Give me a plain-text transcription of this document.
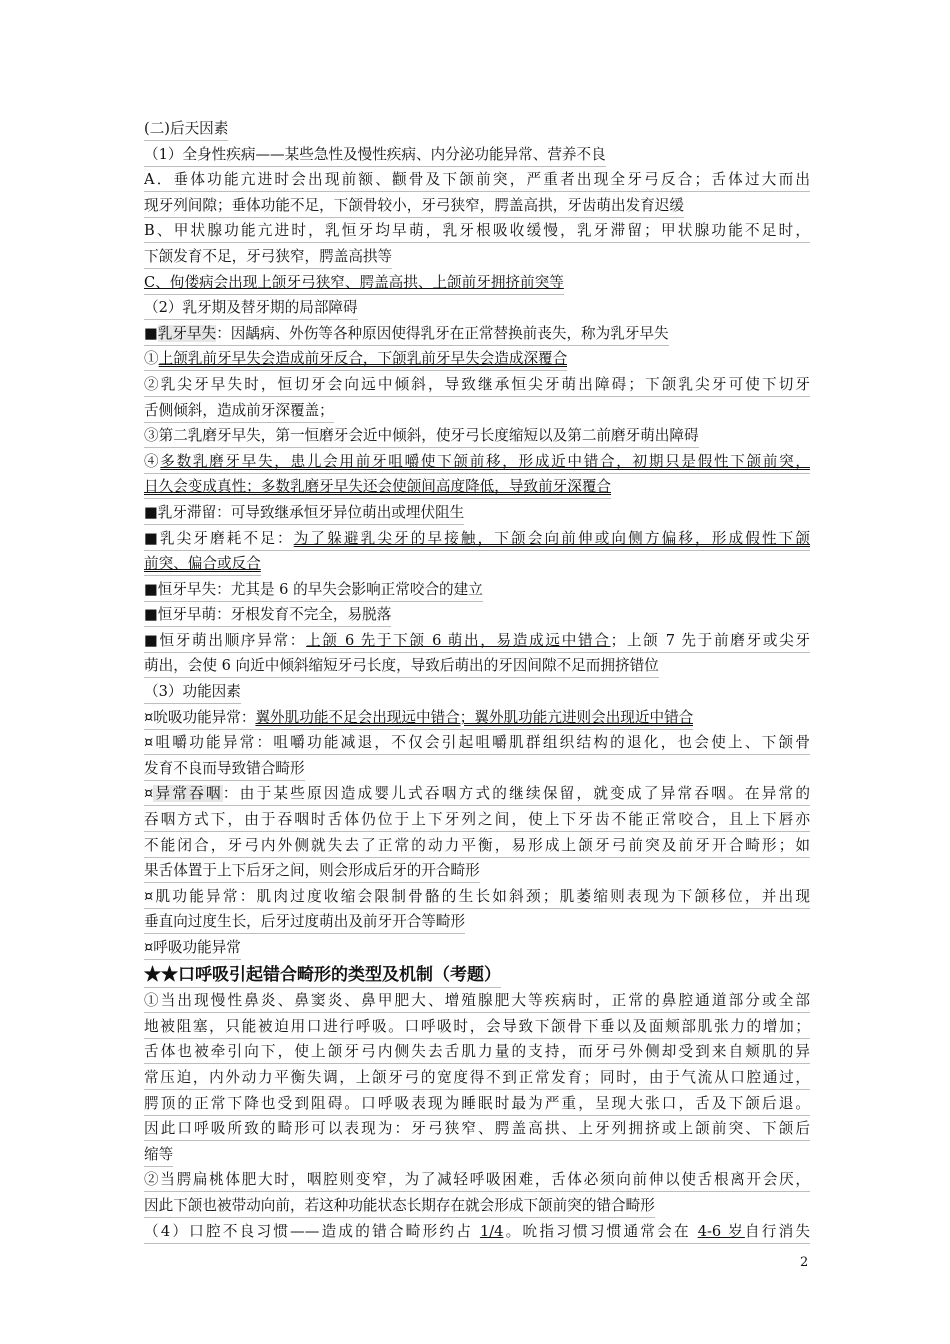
(二)后天因素
（1）全身性疾病——某些急性及慢性疾病、内分泌功能异常、营养不良
A．垂体功能亢进时会出现前额、颧骨及下颌前突，严重者出现全牙弓反合；舌体过大而出
现牙列间隙；垂体功能不足，下颌骨较小，牙弓狭窄，腭盖高拱，牙齿萌出发育迟缓
B、甲状腺功能亢进时，乳恒牙均早萌，乳牙根吸收缓慢，乳牙滞留；甲状腺功能不足时，
下颌发育不足，牙弓狭窄，腭盖高拱等
C、佝偻病会出现上颌牙弓狭窄、腭盖高拱、上颌前牙拥挤前突等
（2）乳牙期及替牙期的局部障碍
■乳牙早失：因龋病、外伤等各种原因使得乳牙在正常替换前丧失，称为乳牙早失
①上颌乳前牙早失会造成前牙反合，下颌乳前牙早失会造成深覆合
②乳尖牙早失时，恒切牙会向远中倾斜，导致继承恒尖牙萌出障碍；下颌乳尖牙可使下切牙
舌侧倾斜，造成前牙深覆盖；
③第二乳磨牙早失，第一恒磨牙会近中倾斜，使牙弓长度缩短以及第二前磨牙萌出障碍
④多数乳磨牙早失，患儿会用前牙咀嚼使下颌前移，形成近中错合，初期只是假性下颌前突，
日久会变成真性；多数乳磨牙早失还会使颌间高度降低，导致前牙深覆合
■乳牙滞留：可导致继承恒牙异位萌出或埋伏阻生
■乳尖牙磨耗不足：为了躲避乳尖牙的早接触，下颌会向前伸或向侧方偏移，形成假性下颌
前突、偏合或反合
■恒牙早失：尤其是 6 的早失会影响正常咬合的建立
■恒牙早萌：牙根发育不完全，易脱落
■恒牙萌出顺序异常：上颌 6 先于下颌 6 萌出，易造成远中错合；上颌 7 先于前磨牙或尖牙
萌出，会使 6 向近中倾斜缩短牙弓长度，导致后萌出的牙因间隙不足而拥挤错位
（3）功能因素
¤吮吸功能异常：翼外肌功能不足会出现远中错合；翼外肌功能亢进则会出现近中错合
¤咀嚼功能异常：咀嚼功能减退，不仅会引起咀嚼肌群组织结构的退化，也会使上、下颌骨
发育不良而导致错合畸形
¤异常吞咽：由于某些原因造成婴儿式吞咽方式的继续保留，就变成了异常吞咽。在异常的
吞咽方式下，由于吞咽时舌体仍位于上下牙列之间，使上下牙齿不能正常咬合，且上下唇亦
不能闭合，牙弓内外侧就失去了正常的动力平衡，易形成上颌牙弓前突及前牙开合畸形；如
果舌体置于上下后牙之间，则会形成后牙的开合畸形
¤肌功能异常：肌肉过度收缩会限制骨骼的生长如斜颈；肌萎缩则表现为下颌移位，并出现
垂直向过度生长，后牙过度萌出及前牙开合等畸形
¤呼吸功能异常
★★口呼吸引起错合畸形的类型及机制（考题）
①当出现慢性鼻炎、鼻窦炎、鼻甲肥大、增殖腺肥大等疾病时，正常的鼻腔通道部分或全部
地被阻塞，只能被迫用口进行呼吸。口呼吸时，会导致下颌骨下垂以及面颊部肌张力的增加；
舌体也被牵引向下，使上颌牙弓内侧失去舌肌力量的支持，而牙弓外侧却受到来自颊肌的异
常压迫，内外动力平衡失调，上颌牙弓的宽度得不到正常发育；同时，由于气流从口腔通过，
腭顶的正常下降也受到阻碍。口呼吸表现为睡眠时最为严重，呈现大张口，舌及下颌后退。
因此口呼吸所致的畸形可以表现为：牙弓狭窄、腭盖高拱、上牙列拥挤或上颌前突、下颌后
缩等
②当腭扁桃体肥大时，咽腔则变窄，为了减轻呼吸困难，舌体必须向前伸以使舌根离开会厌，
因此下颌也被带动向前，若这种功能状态长期存在就会形成下颌前突的错合畸形
（4）口腔不良习惯——造成的错合畸形约占 1/4。吮指习惯习惯通常会在 4-6 岁自行消失
2
